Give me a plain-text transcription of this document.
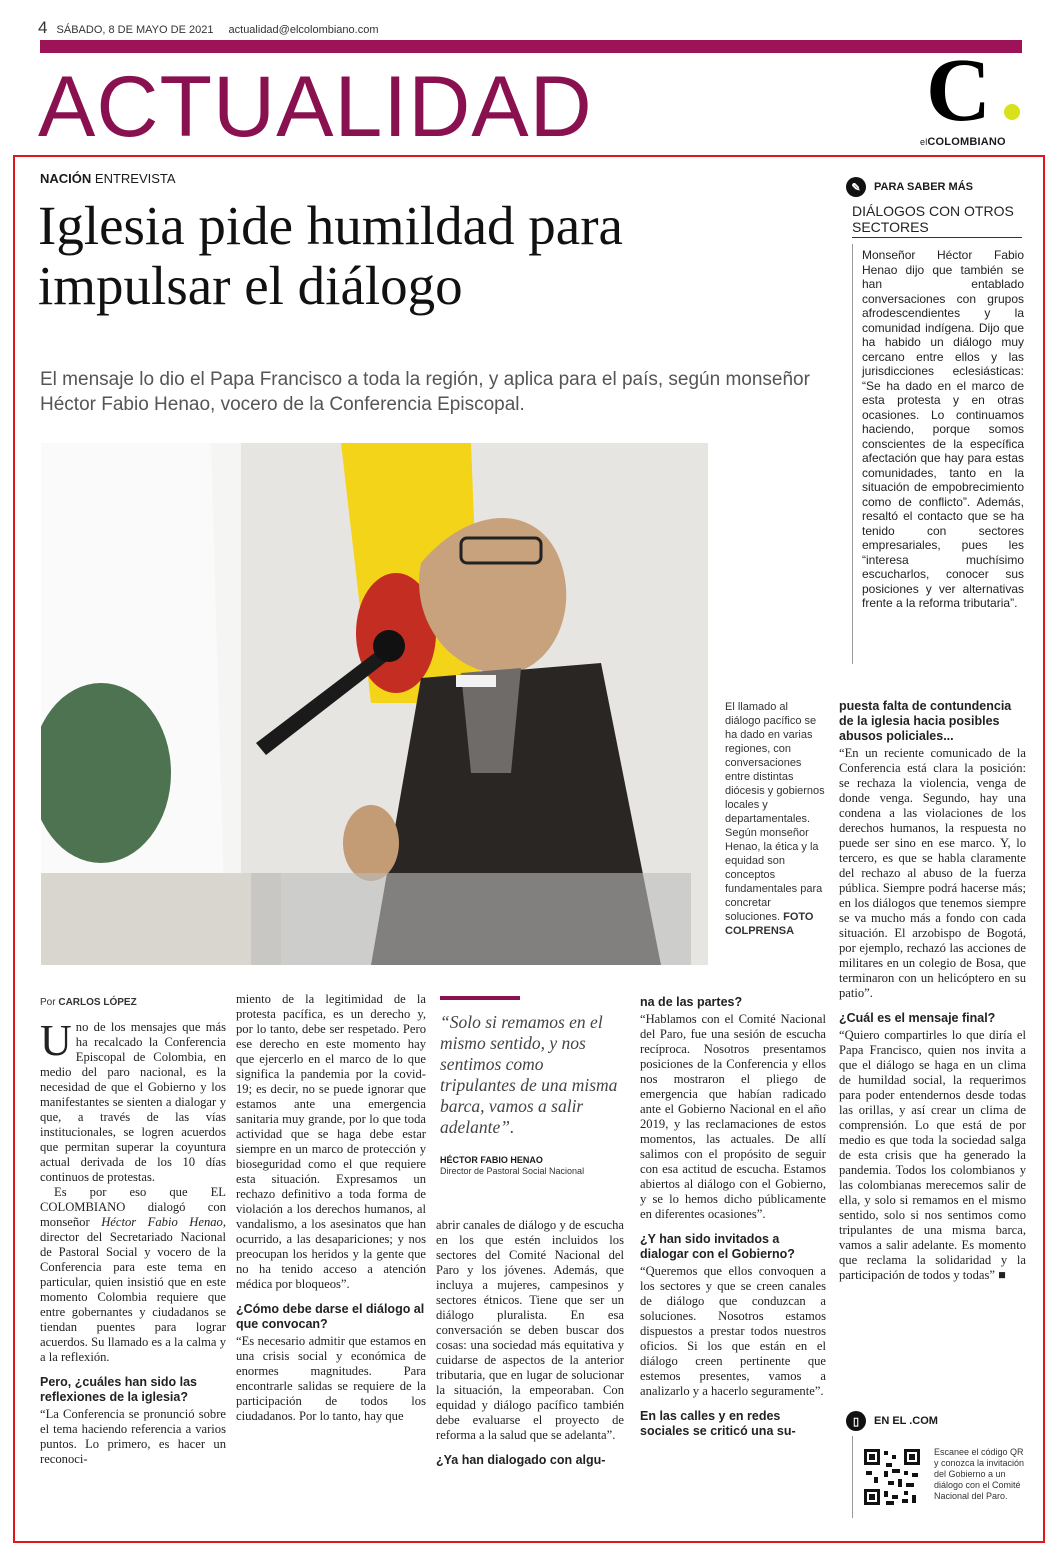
4 SÁBADO, 8 DE MAYO DE 2021 actualidad@elcolombiano.com
ACTUALIDAD	C
elCOLOMBIANO
NACIÓN ENTREVISTA
Iglesia pide humildad para impulsar el diálogo
El mensaje lo dio el Papa Francisco a toda la región, y aplica para el país, según monseñor Héctor Fabio Henao, vocero de la Conferencia Episcopal.
El llamado al diálogo pacífico se ha dado en varias regiones, con conversaciones entre distintas diócesis y gobiernos locales y departamentales. Según monseñor Henao, la ética y la equidad son conceptos fundamentales para concretar soluciones. FOTO
COLPRENSA
✎	PARA SABER MÁS
DIÁLOGOS CON OTROS SECTORES
Monseñor Héctor Fabio Henao dijo que también se han entablado conversaciones con grupos afrodescendientes y la comunidad indígena. Dijo que ha habido un diálogo muy cercano entre ellos y las jurisdicciones eclesiásticas: “Se ha dado en el marco de esta protesta y en otras ocasiones. Lo continuamos haciendo, porque somos conscientes de la específica afectación que hay para estas comunidades, tanto en la situación de empobrecimiento como de conflicto”. Además, resaltó el contacto que se ha tenido con sectores empresariales, pues les “interesa muchísimo escucharlos, conocer sus posiciones y ver alternativas frente a la reforma tributaria”.
Por CARLOS LÓPEZ

Uno de los mensajes que más ha recalcado la Conferencia Episcopal de Colombia, en medio del paro nacional, es la necesidad de que el Gobierno y los manifestantes se sienten a dialogar y que, a través de las vías institucionales, se logren acuerdos que permitan superar la coyuntura actual derivada de los 10 días continuos de protestas.

Es por eso que EL COLOMBIANO dialogó con monseñor Héctor Fabio Henao, director del Secretariado Nacional de Pastoral Social y vocero de la Conferencia para este tema en particular, quien insistió que en este momento Colombia requiere que entre gobernantes y ciudadanos se tiendan puentes para lograr acuerdos. Su llamado es a la calma y a la reflexión.

Pero, ¿cuáles han sido las reflexiones de la iglesia?

“La Conferencia se pronunció sobre el tema haciendo referencia a varios puntos. Lo primero, es hacer un reconoci-

miento de la legitimidad de la protesta pacífica, es un derecho y, por lo tanto, debe ser respetado. Pero ese derecho en este momento hay que ejercerlo en el marco de lo que significa la pandemia por la covid-19; es decir, no se puede ignorar que estamos ante una emergencia sanitaria muy grande, por lo que toda actividad que se haga debe estar siempre en un marco de protección y bioseguridad como el que requiere esta situación. Expresamos un rechazo definitivo a toda forma de violación a los derechos humanos, al vandalismo, a los asesinatos que han ocurrido, a las desapariciones; y nos preocupan los heridos y la gente que no ha tenido acceso a atención médica por bloqueos”.

¿Cómo debe darse el diálogo al que convocan?

“Es necesario admitir que estamos en una crisis social y económica de enormes magnitudes. Para encontrarle salidas se requiere de la participación de todos los ciudadanos. Por lo tanto, hay que

“Solo si remamos en el mismo sentido, y nos sentimos como tripulantes de una misma barca, vamos a salir adelante”.
HÉCTOR FABIO HENAO
Director de Pastoral Social Nacional

abrir canales de diálogo y de escucha en los que estén incluidos los sectores del Comité Nacional del Paro y los jóvenes. Además, que incluya a mujeres, campesinos y sectores étnicos. Tiene que ser un diálogo pluralista. En esa conversación se deben buscar dos cosas: una sociedad más equitativa y cuidarse de aspectos de la anterior tributaria, que en lugar de solucionar la situación, la empeoraban. Con equidad y diálogo pacífico también debe evaluarse el proyecto de reforma a la salud que se adelanta”.

¿Ya han dialogado con algu-

na de las partes?

“Hablamos con el Comité Nacional del Paro, fue una sesión de escucha recíproca. Nosotros presentamos posiciones de la Conferencia y ellos nos mostraron el pliego de emergencia que habían radicado ante el Gobierno Nacional en el año 2019, y las reclamaciones de estos momentos, las actuales. De allí salimos con el propósito de seguir con esa actitud de escucha. Estamos abiertos al diálogo con el Gobierno, y se lo hemos dicho públicamente en diferentes ocasiones”.

¿Y han sido invitados a dialogar con el Gobierno?

“Queremos que ellos convoquen a los sectores y que se creen canales de diálogo que conduzcan a soluciones. Nosotros estamos dispuestos a prestar todos nuestros oficios. Si los que están en el diálogo creen pertinente que estemos presentes, vamos a analizarlo y a hacerlo seguramente”.

En las calles y en redes sociales se criticó una su-

puesta falta de contundencia de la iglesia hacia posibles abusos policiales...

“En un reciente comunicado de la Conferencia está clara la posición: se rechaza la violencia, venga de donde venga. Segundo, hay una condena a las violaciones de los derechos humanos, la respuesta no puede ser sino en ese marco. Y, lo tercero, es que se habla claramente del rechazo al abuso de la fuerza pública. Siempre podrá hacerse más; en los diálogos que tenemos siempre se va mucho más a fondo con cada situación. El arzobispo de Bogotá, por ejemplo, rechazó las acciones de militares en un colegio de Bosa, que terminaron con un helicóptero en su patio”.

¿Cuál es el mensaje final?

“Quiero compartirles lo que diría el Papa Francisco, quien nos invita a que el diálogo se haga en un clima de humildad social, la requerimos para poder entendernos desde todas las orillas, y así crear un clima de comprensión. Lo que está de por medio es que toda la sociedad salga de esta crisis que ha generado la pandemia. Todos los colombianos y las colombianas merecemos salir de ella, y solo si remamos en el mismo sentido, solo si nos sentimos como tripulantes de una misma barca, vamos a salir adelante. Es momento que reclama la solidaridad y la participación de todos y todas” ■

▯	EN EL .COM
Escanee el código QR y conozca la invitación del Gobierno a un diálogo con el Comité Nacional del Paro.
